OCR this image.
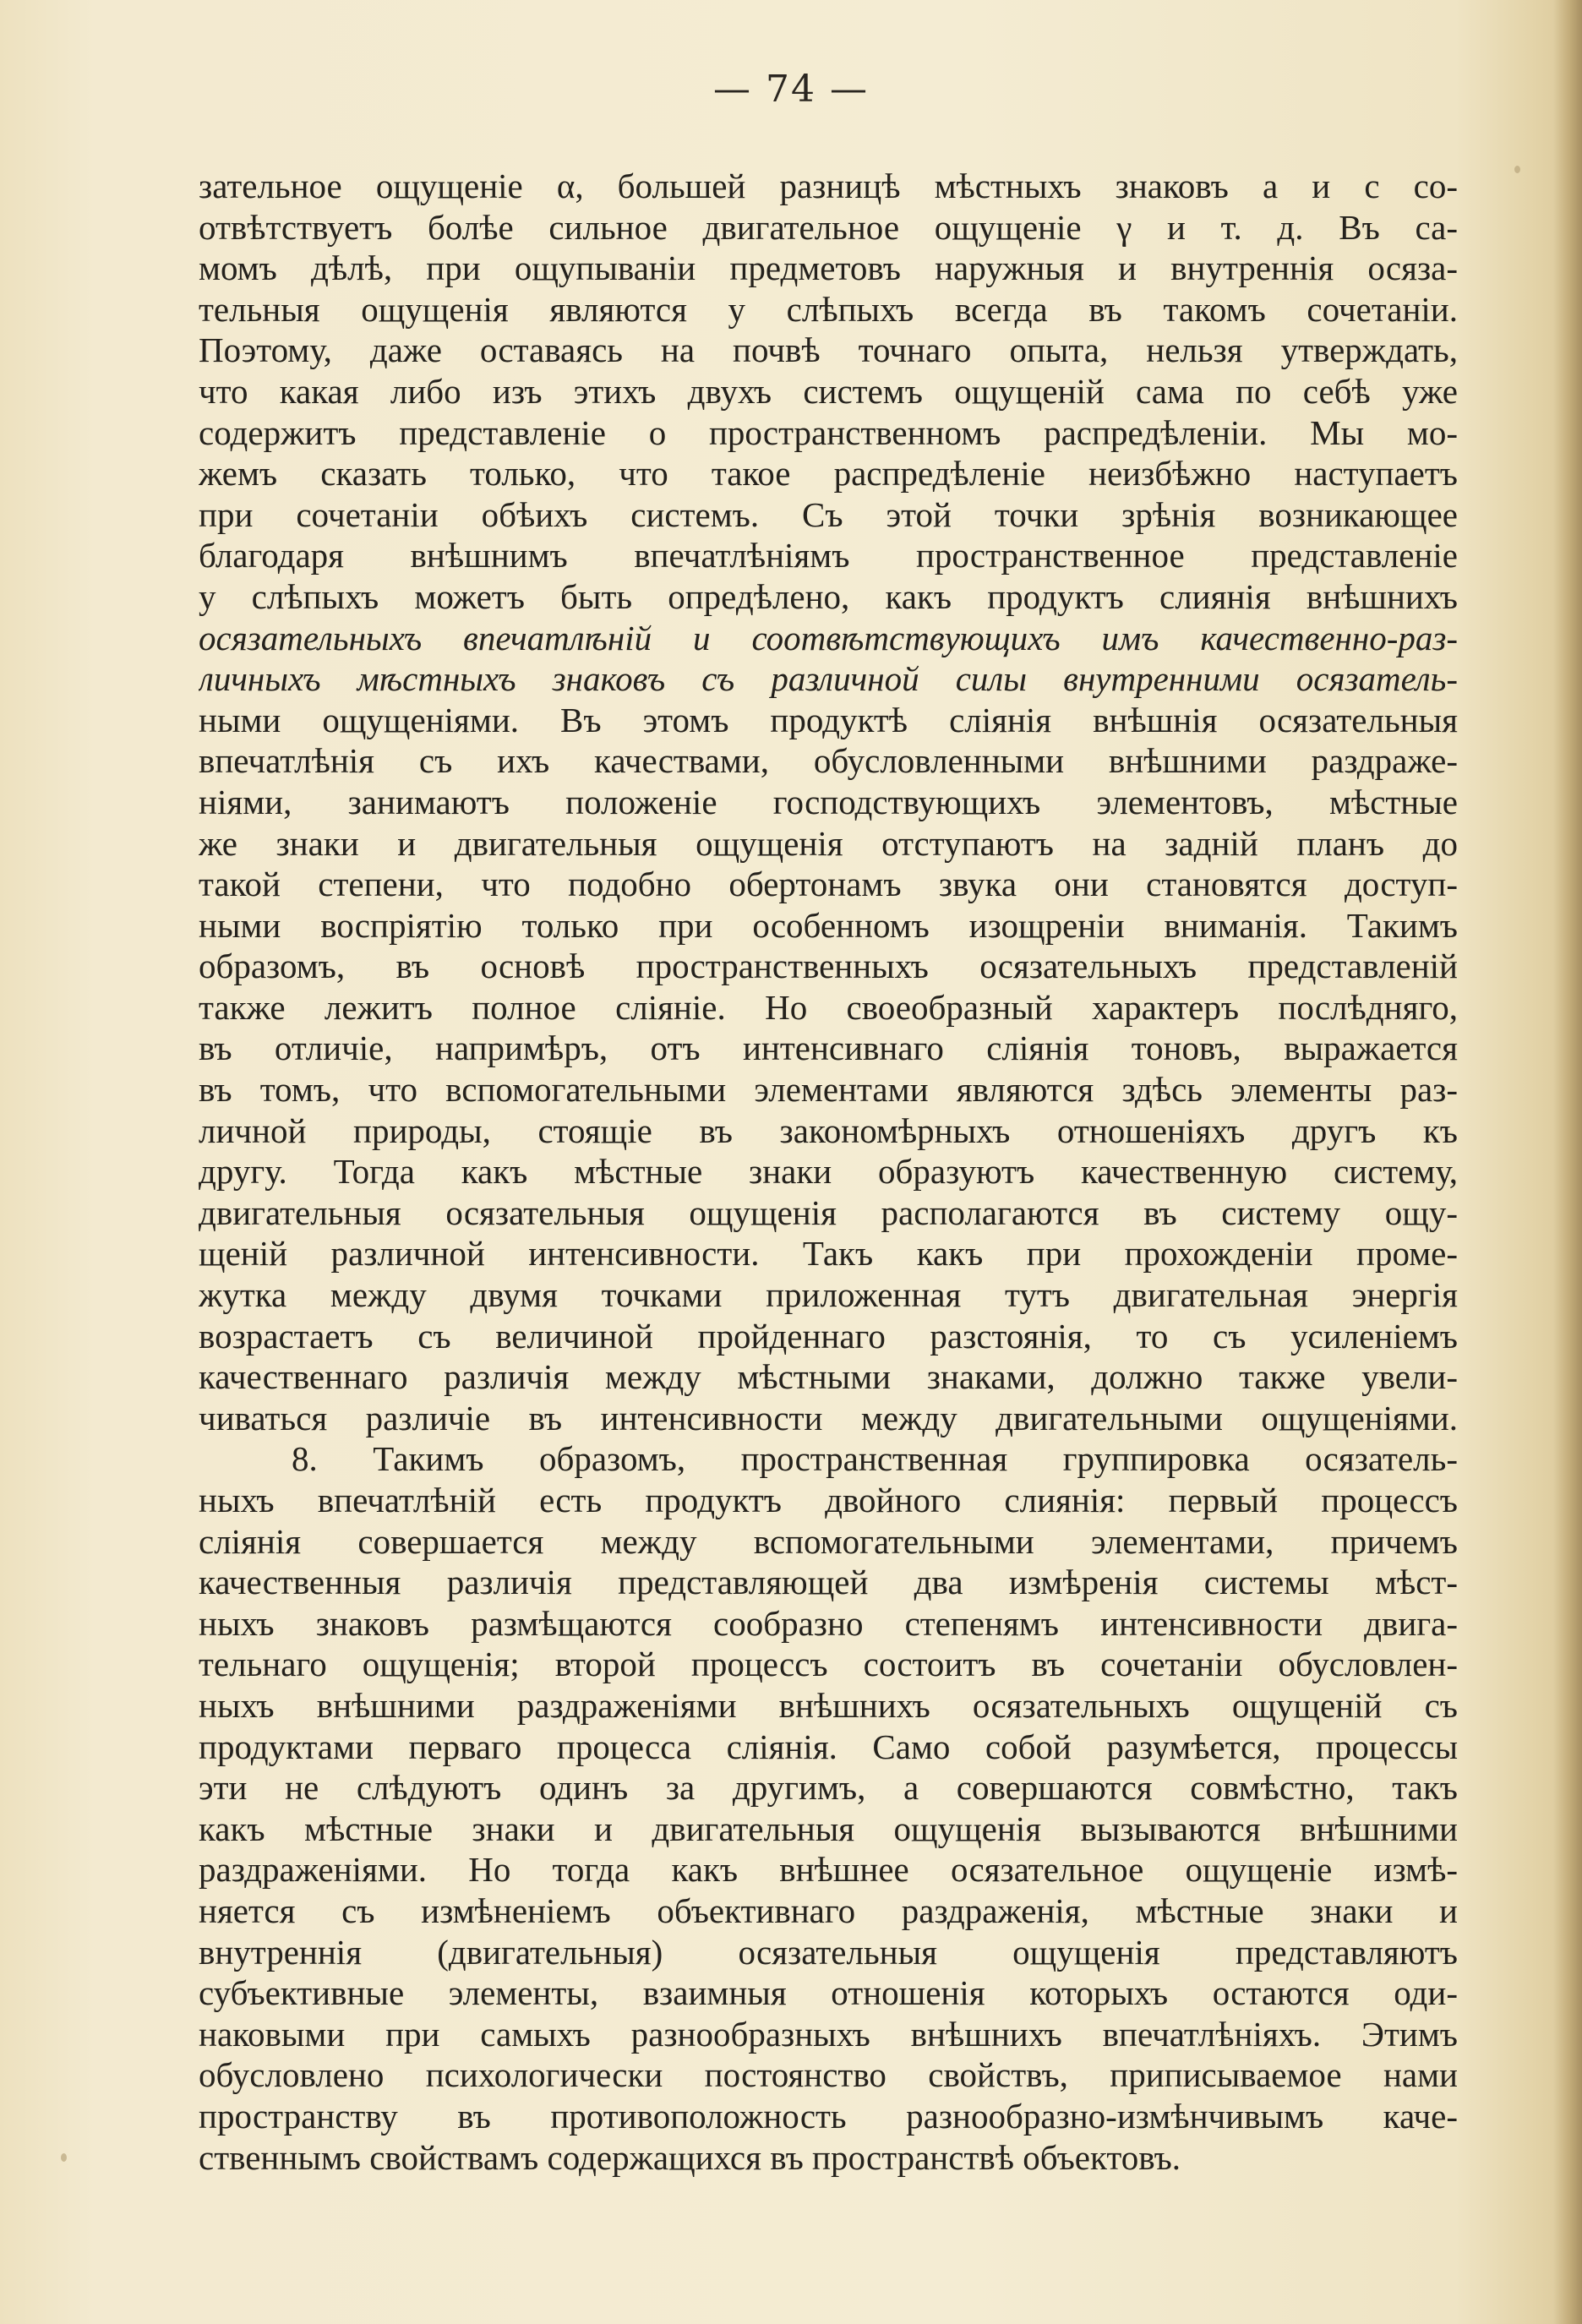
— 74 —
зательное ощущеніе α, большей разницѣ мѣстныхъ знаковъ a и c со-
отвѣтствуетъ болѣе сильное двигательное ощущеніе γ и т. д. Въ са-
момъ дѣлѣ, при ощупываніи предметовъ наружныя и внутреннія осяза-
тельныя ощущенія являются у слѣпыхъ всегда въ такомъ сочетаніи.
Поэтому, даже оставаясь на почвѣ точнаго опыта, нельзя утверждать,
что какая либо изъ этихъ двухъ системъ ощущеній сама по себѣ уже
содержитъ представленіе о пространственномъ распредѣленіи. Мы мо-
жемъ сказать только, что такое распредѣленіе неизбѣжно наступаетъ
при сочетаніи обѣихъ системъ. Съ этой точки зрѣнія возникающее
благодаря внѣшнимъ впечатлѣніямъ пространственное представленіе
у слѣпыхъ можетъ быть опредѣлено, какъ продуктъ слиянія внѣшнихъ
осязательныхъ впечатлѣній и соотвѣтствующихъ имъ качественно-раз-
личныхъ мѣстныхъ знаковъ съ различной силы внутренними осязатель-
ными ощущеніями. Въ этомъ продуктѣ сліянія внѣшнія осязательныя
впечатлѣнія съ ихъ качествами, обусловленными внѣшними раздраже-
ніями, занимаютъ положеніе господствующихъ элементовъ, мѣстные
же знаки и двигательныя ощущенія отступаютъ на задній планъ до
такой степени, что подобно обертонамъ звука они становятся доступ-
ными воспріятію только при особенномъ изощреніи вниманія. Такимъ
образомъ, въ основѣ пространственныхъ осязательныхъ представленій
также лежитъ полное сліяніе. Но своеобразный характеръ послѣдняго,
въ отличіе, напримѣръ, отъ интенсивнаго сліянія тоновъ, выражается
въ томъ, что вспомогательными элементами являются здѣсь элементы раз-
личной природы, стоящіе въ закономѣрныхъ отношеніяхъ другъ къ
другу. Тогда какъ мѣстные знаки образуютъ качественную систему,
двигательныя осязательныя ощущенія располагаются въ систему ощу-
щеній различной интенсивности. Такъ какъ при прохожденіи проме-
жутка между двумя точками приложенная тутъ двигательная энергія
возрастаетъ съ величиной пройденнаго разстоянія, то съ усиленіемъ
качественнаго различія между мѣстными знаками, должно также увели-
чиваться различіе въ интенсивности между двигательными ощущеніями.
8. Такимъ образомъ, пространственная группировка осязатель-
ныхъ впечатлѣній есть продуктъ двойного слиянія: первый процессъ
сліянія совершается между вспомогательными элементами, причемъ
качественныя различія представляющей два измѣренія системы мѣст-
ныхъ знаковъ размѣщаются сообразно степенямъ интенсивности двига-
тельнаго ощущенія; второй процессъ состоитъ въ сочетаніи обусловлен-
ныхъ внѣшними раздраженіями внѣшнихъ осязательныхъ ощущеній съ
продуктами перваго процесса сліянія. Само собой разумѣется, процессы
эти не слѣдуютъ одинъ за другимъ, а совершаются совмѣстно, такъ
какъ мѣстные знаки и двигательныя ощущенія вызываются внѣшними
раздраженіями. Но тогда какъ внѣшнее осязательное ощущеніе измѣ-
няется съ измѣненіемъ объективнаго раздраженія, мѣстные знаки и
внутреннія (двигательныя) осязательныя ощущенія представляютъ
субъективные элементы, взаимныя отношенія которыхъ остаются оди-
наковыми при самыхъ разнообразныхъ внѣшнихъ впечатлѣніяхъ. Этимъ
обусловлено психологически постоянство свойствъ, приписываемое нами
пространству въ противоположность разнообразно-измѣнчивымъ каче-
ственнымъ свойствамъ содержащихся въ пространствѣ объектовъ.
